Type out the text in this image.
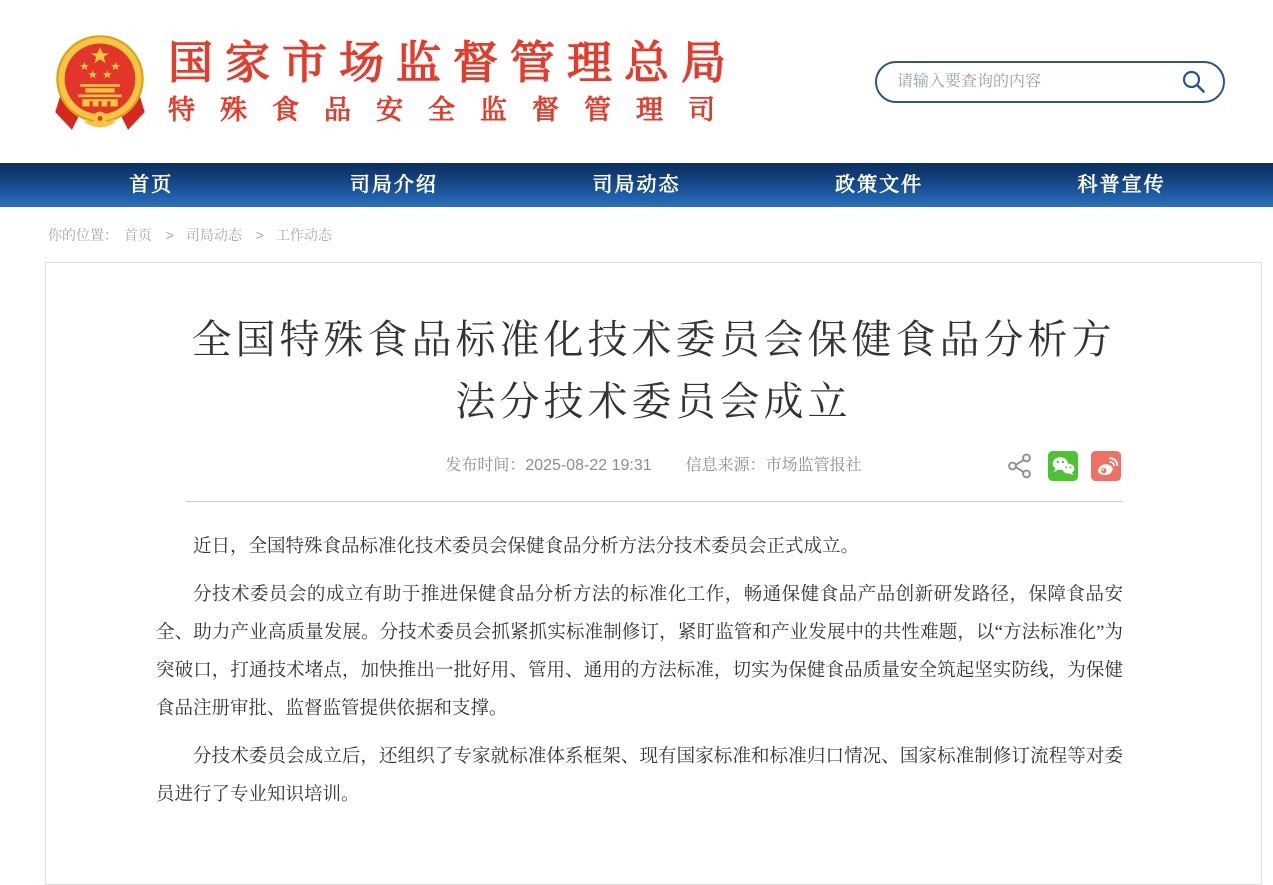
国家市场监督管理总局
特殊食品安全监督管理司
请输入要查询的内容
首页	司局介绍	司局动态	政策文件	科普宣传
你的位置： 首页 > 司局动态 > 工作动态
全国特殊食品标准化技术委员会保健食品分析方法分技术委员会成立
发布时间：2025-08-22 19:31 信息来源：市场监管报社

近日，全国特殊食品标准化技术委员会保健食品分析方法分技术委员会正式成立。

分技术委员会的成立有助于推进保健食品分析方法的标准化工作，畅通保健食品产品创新研发路径，保障食品安全、助力产业高质量发展。分技术委员会抓紧抓实标准制修订，紧盯监管和产业发展中的共性难题，以“方法标准化”为突破口，打通技术堵点，加快推出一批好用、管用、通用的方法标准，切实为保健食品质量安全筑起坚实防线，为保健食品注册审批、监督监管提供依据和支撑。

分技术委员会成立后，还组织了专家就标准体系框架、现有国家标准和标准归口情况、国家标准制修订流程等对委员进行了专业知识培训。
